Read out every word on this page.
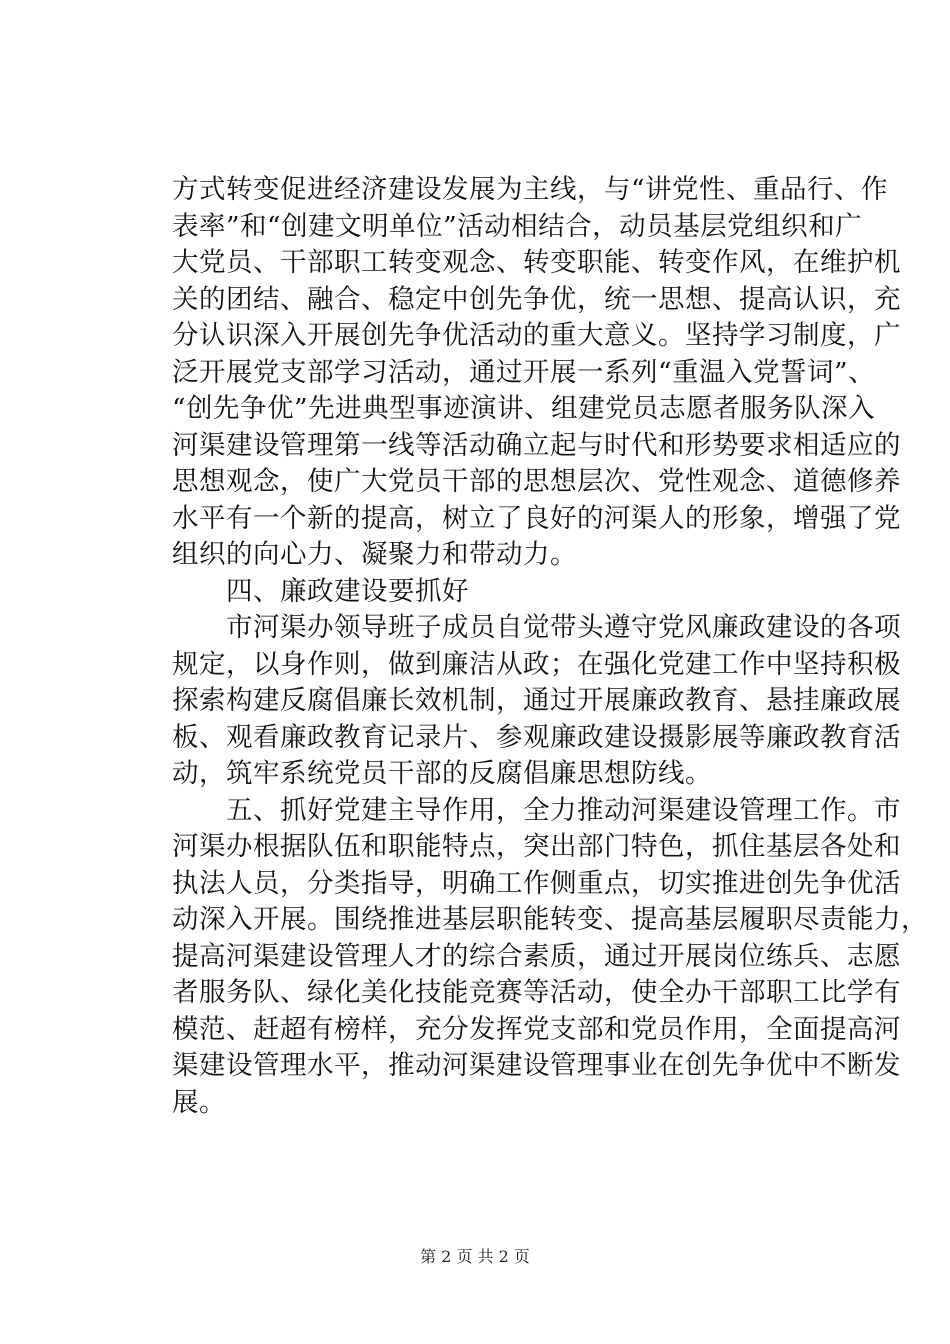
方式转变促进经济建设发展为主线，与“讲党性、重品行、作
表率”和“创建文明单位”活动相结合，动员基层党组织和广
大党员、干部职工转变观念、转变职能、转变作风，在维护机
关的团结、融合、稳定中创先争优，统一思想、提高认识，充
分认识深入开展创先争优活动的重大意义。坚持学习制度，广
泛开展党支部学习活动，通过开展一系列“重温入党誓词”、
“创先争优”先进典型事迹演讲、组建党员志愿者服务队深入
河渠建设管理第一线等活动确立起与时代和形势要求相适应的
思想观念，使广大党员干部的思想层次、党性观念、道德修养
水平有一个新的提高，树立了良好的河渠人的形象，增强了党
组织的向心力、凝聚力和带动力。
　　四、廉政建设要抓好
　　市河渠办领导班子成员自觉带头遵守党风廉政建设的各项
规定，以身作则，做到廉洁从政；在强化党建工作中坚持积极
探索构建反腐倡廉长效机制，通过开展廉政教育、悬挂廉政展
板、观看廉政教育记录片、参观廉政建设摄影展等廉政教育活
动，筑牢系统党员干部的反腐倡廉思想防线。
　　五、抓好党建主导作用，全力推动河渠建设管理工作。市
河渠办根据队伍和职能特点，突出部门特色，抓住基层各处和
执法人员，分类指导，明确工作侧重点，切实推进创先争优活
动深入开展。围绕推进基层职能转变、提高基层履职尽责能力，
提高河渠建设管理人才的综合素质，通过开展岗位练兵、志愿
者服务队、绿化美化技能竞赛等活动，使全办干部职工比学有
模范、赶超有榜样，充分发挥党支部和党员作用，全面提高河
渠建设管理水平，推动河渠建设管理事业在创先争优中不断发
展。
第 2 页 共 2 页
